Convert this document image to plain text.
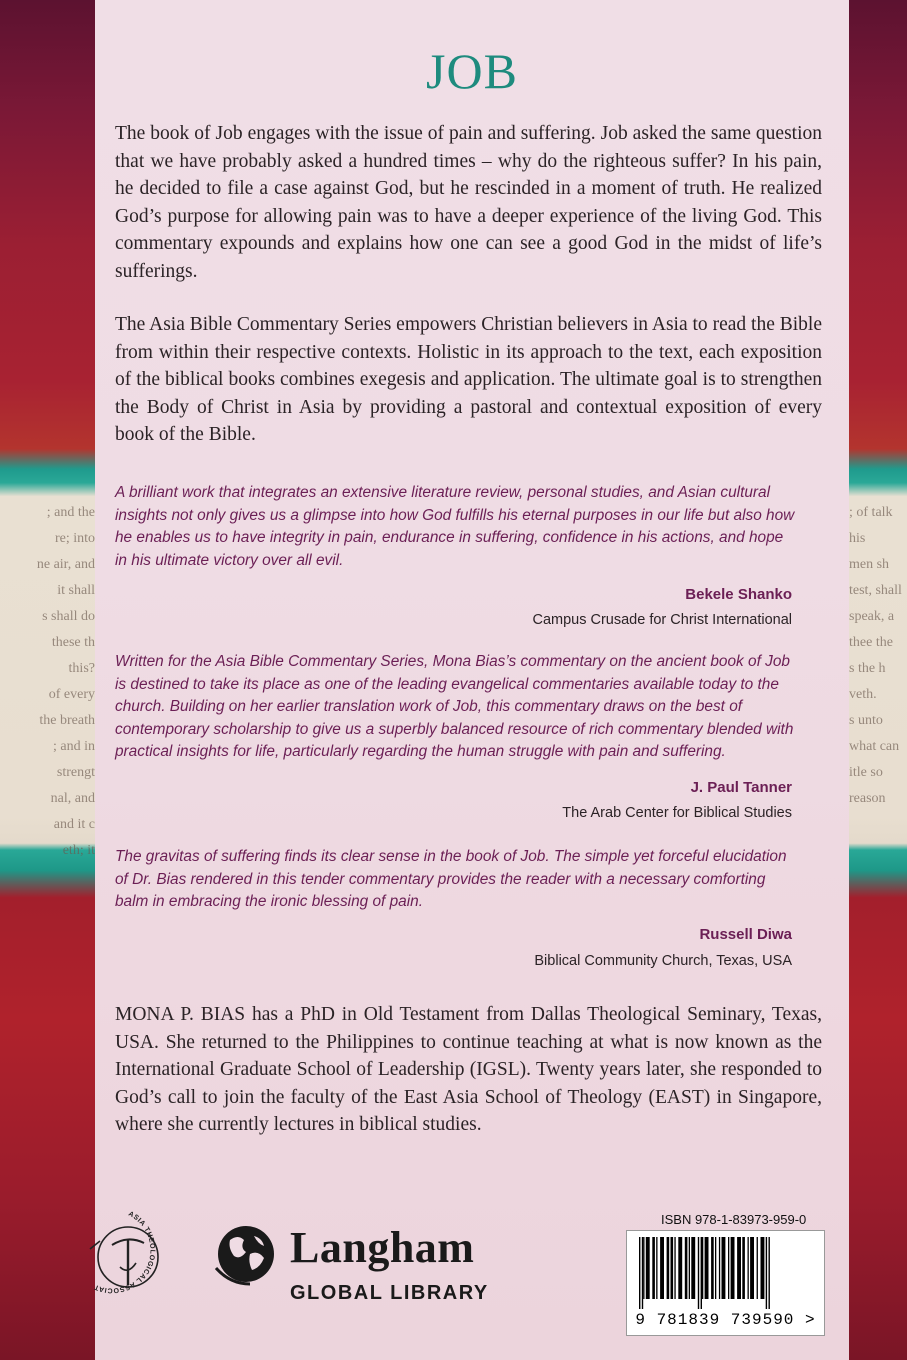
; and the
re; into
ne air, and
it shall
s shall do
these th
this?
of every
the breath
; and in
strengt
nal, and
and it c
eth; it
; of talk
his
men sh
test, shall
speak, a
thee the
s the h
veth.
s unto
what can
itle so
reason
JOB

The book of Job engages with the issue of pain and suffering. Job asked the same question that we have probably asked a hundred times – why do the righteous suffer? In his pain, he decided to file a case against God, but he rescinded in a moment of truth. He realized God’s purpose for allowing pain was to have a deeper experience of the living God. This commentary expounds and explains how one can see a good God in the midst of life’s sufferings.

The Asia Bible Commentary Series empowers Christian believers in Asia to read the Bible from within their respective contexts. Holistic in its approach to the text, each exposition of the biblical books combines exegesis and application. The ultimate goal is to strengthen the Body of Christ in Asia by providing a pastoral and contextual exposition of every book of the Bible.

A brilliant work that integrates an extensive literature review, personal studies, and Asian cultural insights not only gives us a glimpse into how God fulfills his eternal purposes in our life but also how he enables us to have integrity in pain, endurance in suffering, confidence in his actions, and hope in his ultimate victory over all evil.

Bekele Shanko
Campus Crusade for Christ International

Written for the Asia Bible Commentary Series, Mona Bias’s commentary on the ancient book of Job is destined to take its place as one of the leading evangelical commentaries available today to the church. Building on her earlier translation work of Job, this commentary draws on the best of contemporary scholarship to give us a superbly balanced resource of rich commentary blended with practical insights for life, particularly regarding the human struggle with pain and suffering.

J. Paul Tanner
The Arab Center for Biblical Studies

The gravitas of suffering finds its clear sense in the book of Job. The simple yet forceful elucidation of Dr. Bias rendered in this tender commentary provides the reader with a necessary comforting balm in embracing the ironic blessing of pain.

Russell Diwa
Biblical Community Church, Texas, USA

MONA P. BIAS has a PhD in Old Testament from Dallas Theological Seminary, Texas, USA. She returned to the Philippines to continue teaching at what is now known as the International Graduate School of Leadership (IGSL). Twenty years later, she responded to God’s call to join the faculty of the East Asia School of Theology (EAST) in Singapore, where she currently lectures in biblical studies.

ASIA THEOLOGICAL ASSOCIAT
Langham
GLOBAL LIBRARY
ISBN 978-1-83973-959-0
9 781839 739590 >
